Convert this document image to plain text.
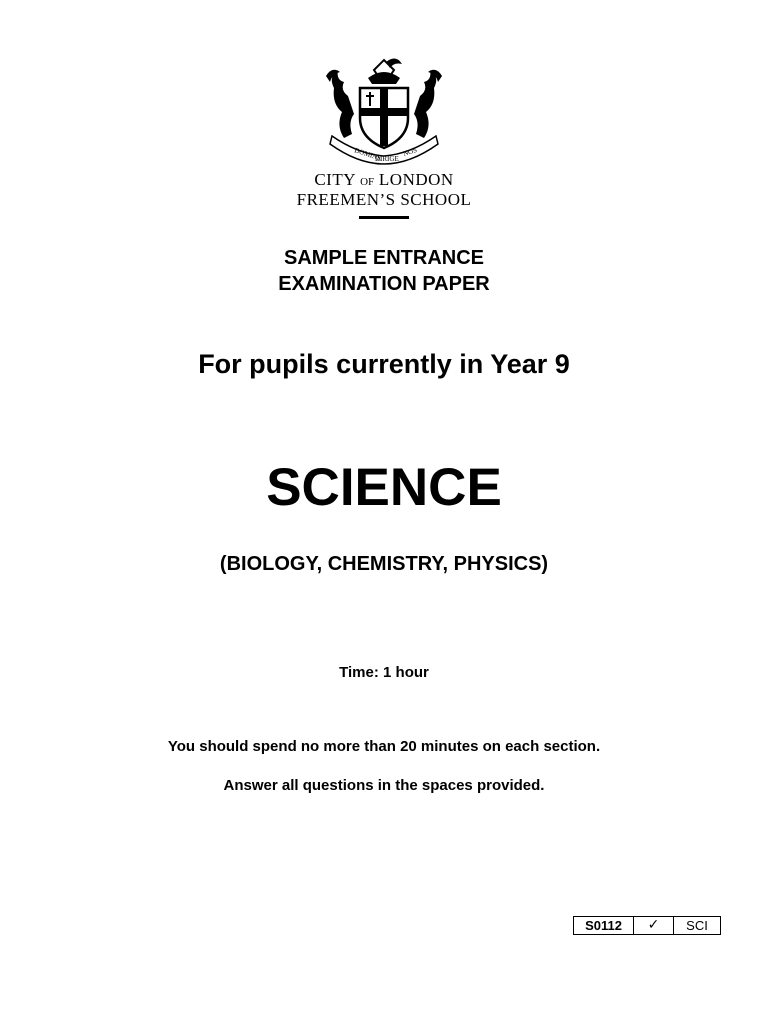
DOMINE
DIRIGE
NOS
CITY OF LONDON
FREEMEN’S SCHOOL
SAMPLE ENTRANCE
EXAMINATION PAPER
For pupils currently in Year 9
SCIENCE
(BIOLOGY, CHEMISTRY, PHYSICS)
Time: 1 hour
You should spend no more than 20 minutes on each section.
Answer all questions in the spaces provided.
S0112	✓	SCI
